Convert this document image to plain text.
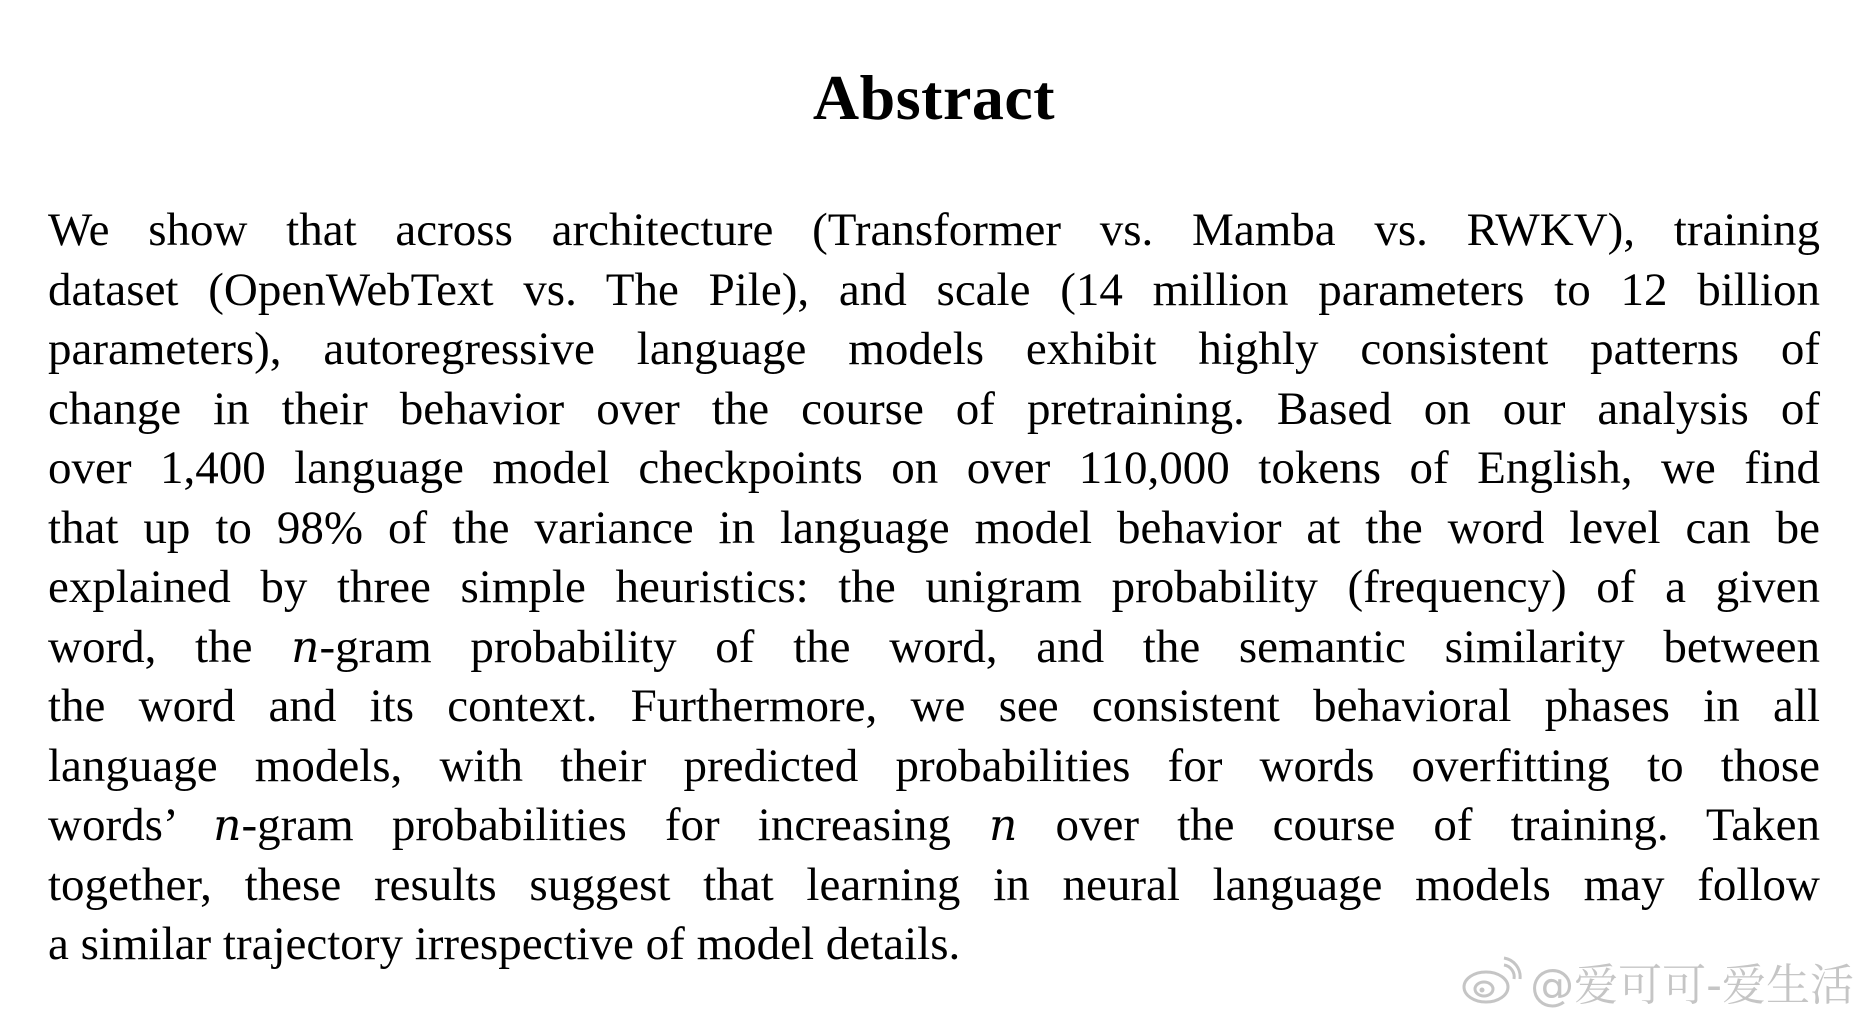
Abstract
We show that across architecture (Transformer vs. Mamba vs. RWKV), training
dataset (OpenWebText vs. The Pile), and scale (14 million parameters to 12 billion
parameters), autoregressive language models exhibit highly consistent patterns of
change in their behavior over the course of pretraining. Based on our analysis of
over 1,400 language model checkpoints on over 110,000 tokens of English, we find
that up to 98% of the variance in language model behavior at the word level can be
explained by three simple heuristics: the unigram probability (frequency) of a given
word, the n-gram probability of the word, and the semantic similarity between
the word and its context. Furthermore, we see consistent behavioral phases in all
language models, with their predicted probabilities for words overfitting to those
words’ n-gram probabilities for increasing n over the course of training. Taken
together, these results suggest that learning in neural language models may follow
a similar trajectory irrespective of model details.
@爱可可-爱生活
